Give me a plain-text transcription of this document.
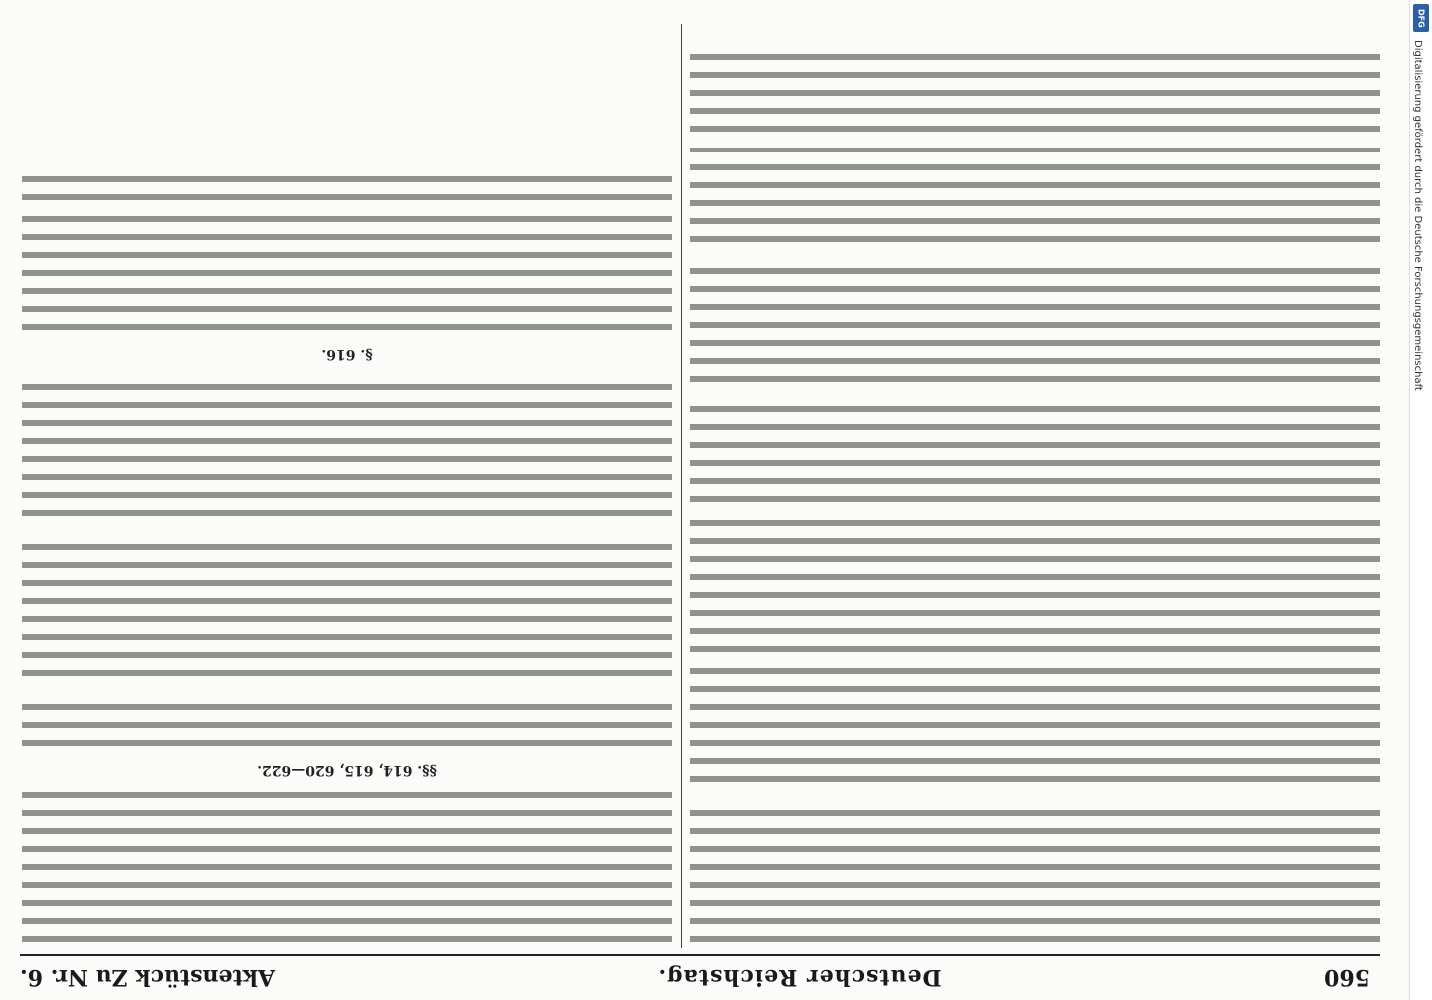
560
Deutscher Reichstag.
Aktenstück Zu Nr. 6.

§§. 614, 615, 620—622.

§. 616.

DFG
Digitalisierung gefördert durch die Deutsche Forschungsgemeinschaft
